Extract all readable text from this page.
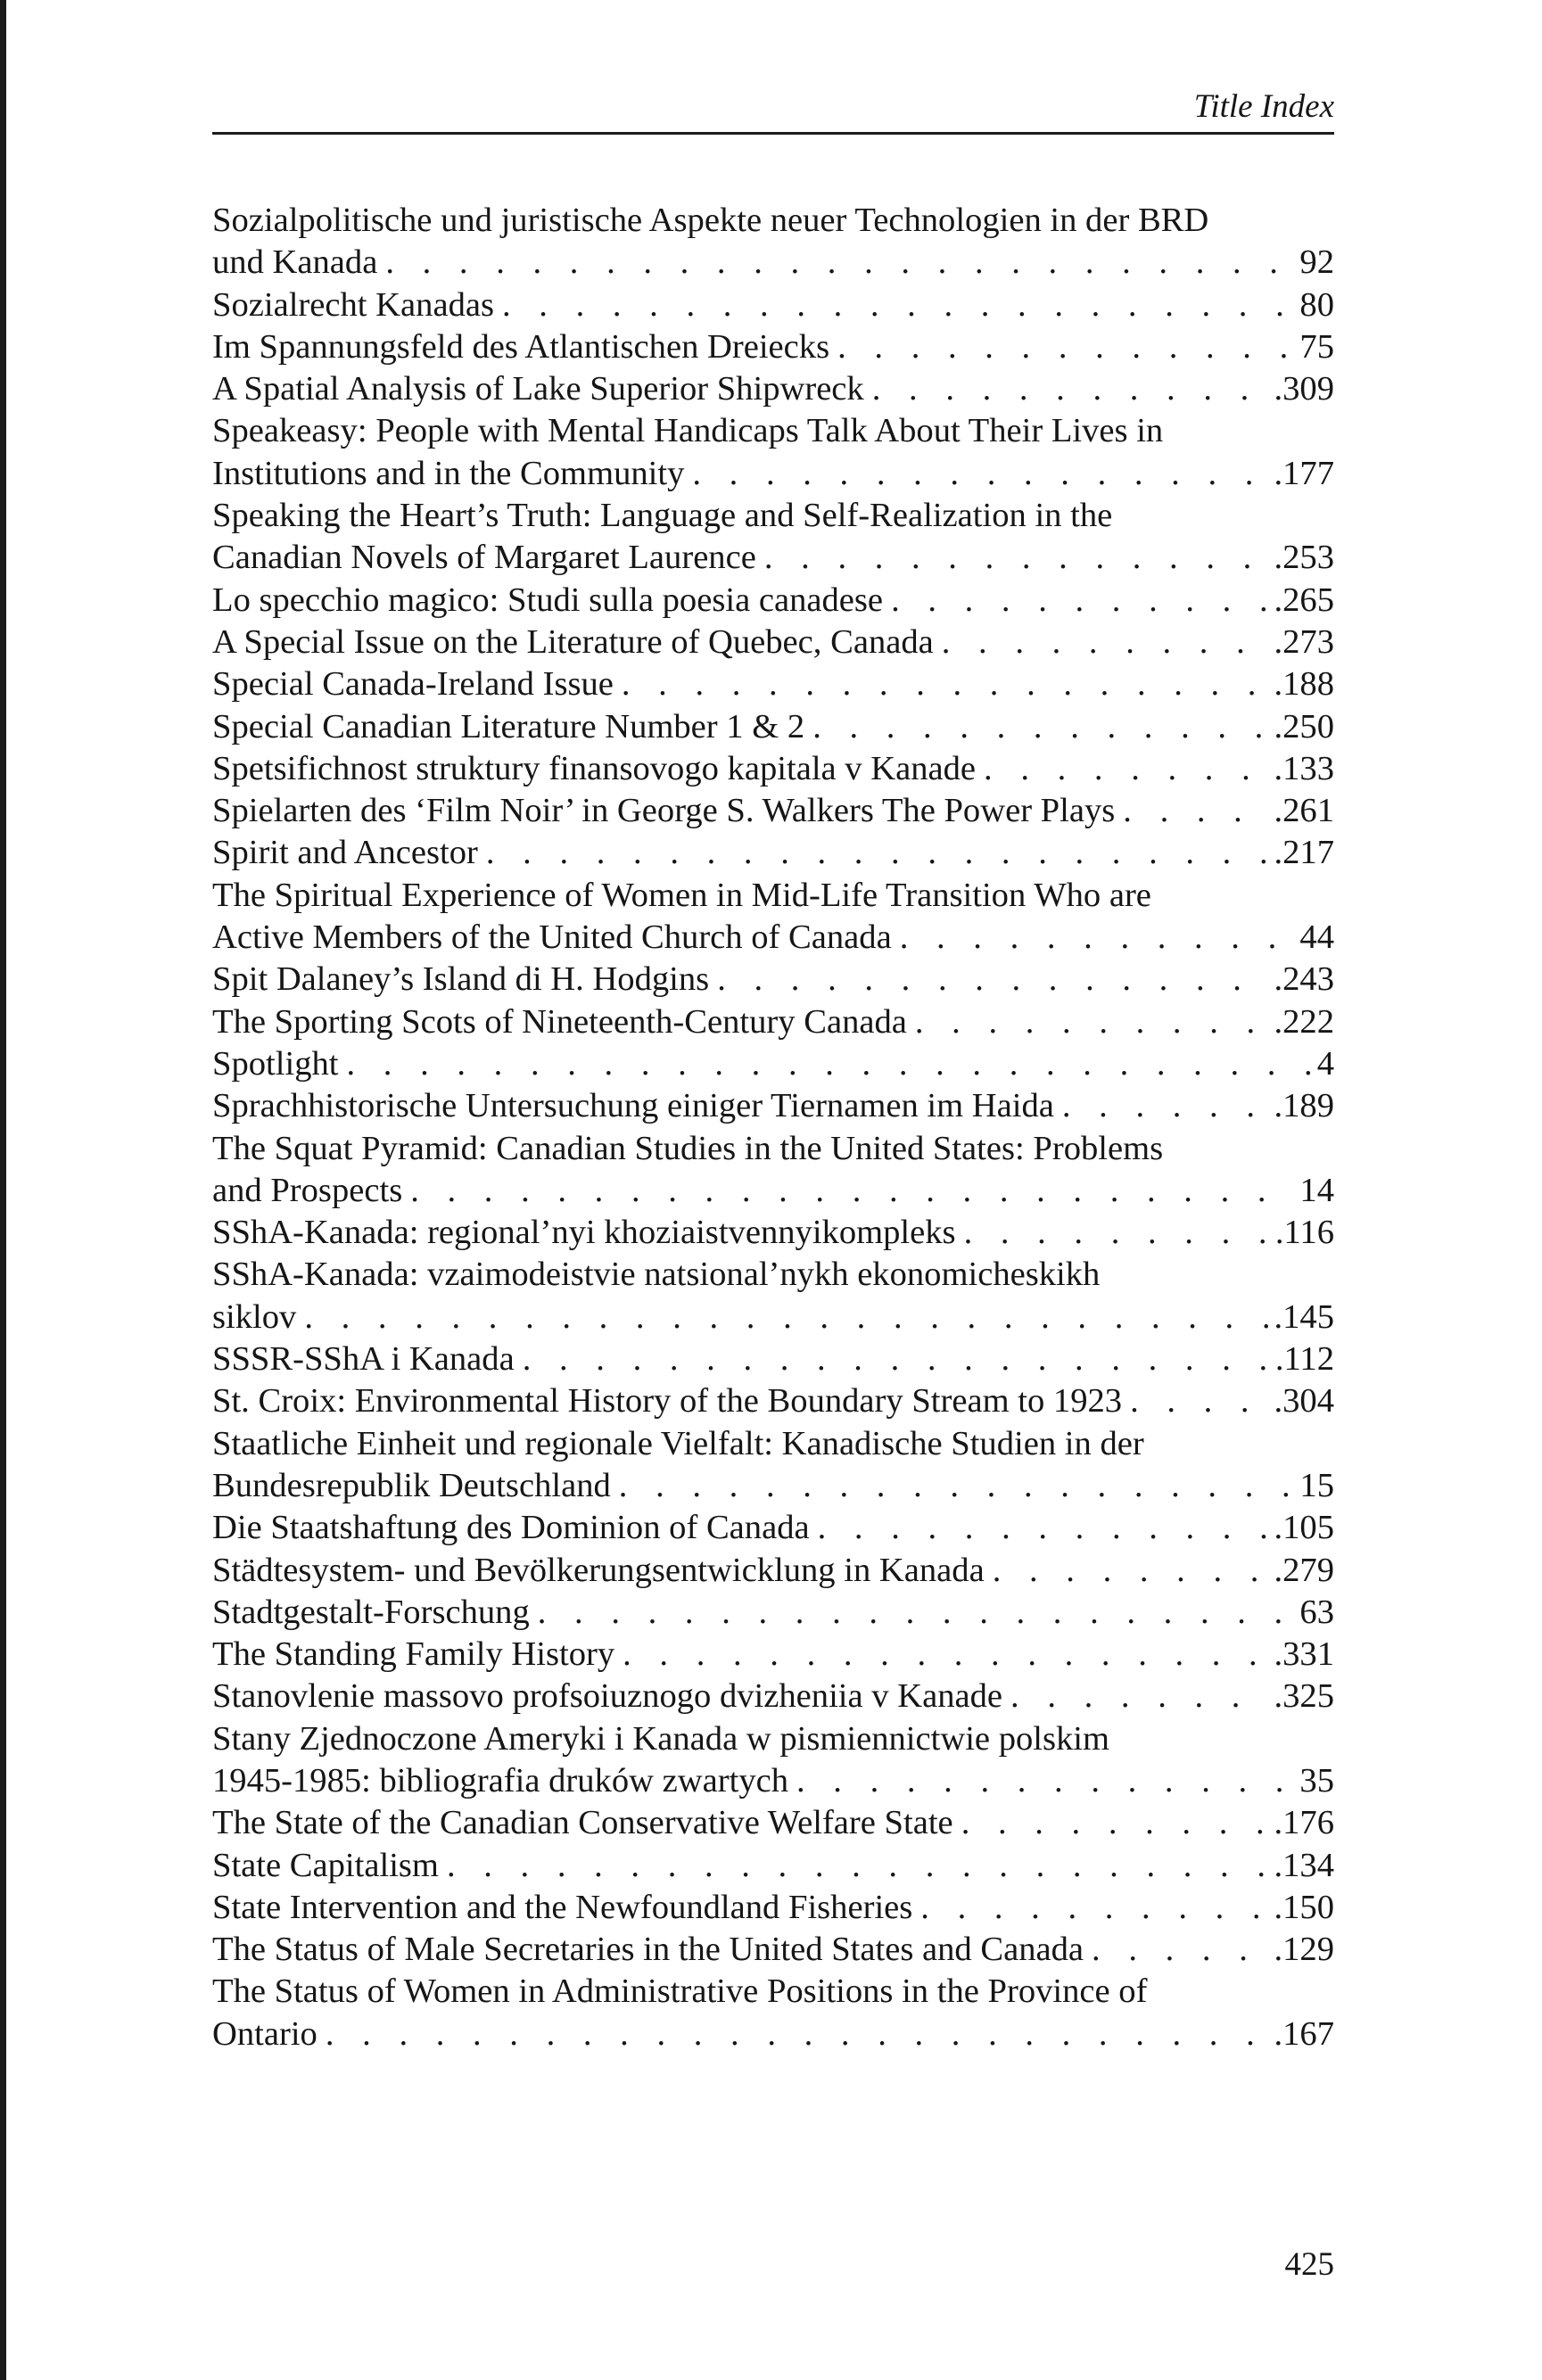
Title Index
Sozialpolitische und juristische Aspekte neuer Technologien in der BRD
und Kanada . . .	92
Sozialrecht Kanadas . . .	80
Im Spannungsfeld des Atlantischen Dreiecks . . .	75
A Spatial Analysis of Lake Superior Shipwreck . . .	.309
Speakeasy: People with Mental Handicaps Talk About Their Lives in
Institutions and in the Community . . .	.177
Speaking the Heart’s Truth: Language and Self-Realization in the
Canadian Novels of Margaret Laurence . . .	.253
Lo specchio magico: Studi sulla poesia canadese . . .	.265
A Special Issue on the Literature of Quebec, Canada . . .	.273
Special Canada-Ireland Issue . . .	.188
Special Canadian Literature Number 1 & 2 . . .	.250
Spetsifichnost struktury finansovogo kapitala v Kanade . . .	.133
Spielarten des ‘Film Noir’ in George S. Walkers The Power Plays . . .	.261
Spirit and Ancestor . . .	.217
The Spiritual Experience of Women in Mid-Life Transition Who are
Active Members of the United Church of Canada . . .	44
Spit Dalaney’s Island di H. Hodgins . . .	.243
The Sporting Scots of Nineteenth-Century Canada . . .	.222
Spotlight . . .	4
Sprachhistorische Untersuchung einiger Tiernamen im Haida . . .	.189
The Squat Pyramid: Canadian Studies in the United States: Problems
and Prospects . . .	14
SShA-Kanada: regional’nyi khoziaistvennyikompleks . . .	.116
SShA-Kanada: vzaimodeistvie natsional’nykh ekonomicheskikh
siklov . . .	.145
SSSR-SShA i Kanada . . .	.112
St. Croix: Environmental History of the Boundary Stream to 1923 . . .	.304
Staatliche Einheit und regionale Vielfalt: Kanadische Studien in der
Bundesrepublik Deutschland . . .	15
Die Staatshaftung des Dominion of Canada . . .	.105
Städtesystem- und Bevölkerungsentwicklung in Kanada . . .	.279
Stadtgestalt-Forschung . . .	63
The Standing Family History . . .	.331
Stanovlenie massovo profsoiuznogo dvizheniia v Kanade . . .	.325
Stany Zjednoczone Ameryki i Kanada w pismiennictwie polskim
1945-1985: bibliografia druków zwartych . . .	35
The State of the Canadian Conservative Welfare State . . .	.176
State Capitalism . . .	.134
State Intervention and the Newfoundland Fisheries . . .	.150
The Status of Male Secretaries in the United States and Canada . . .	.129
The Status of Women in Administrative Positions in the Province of
Ontario . . .	.167
425
